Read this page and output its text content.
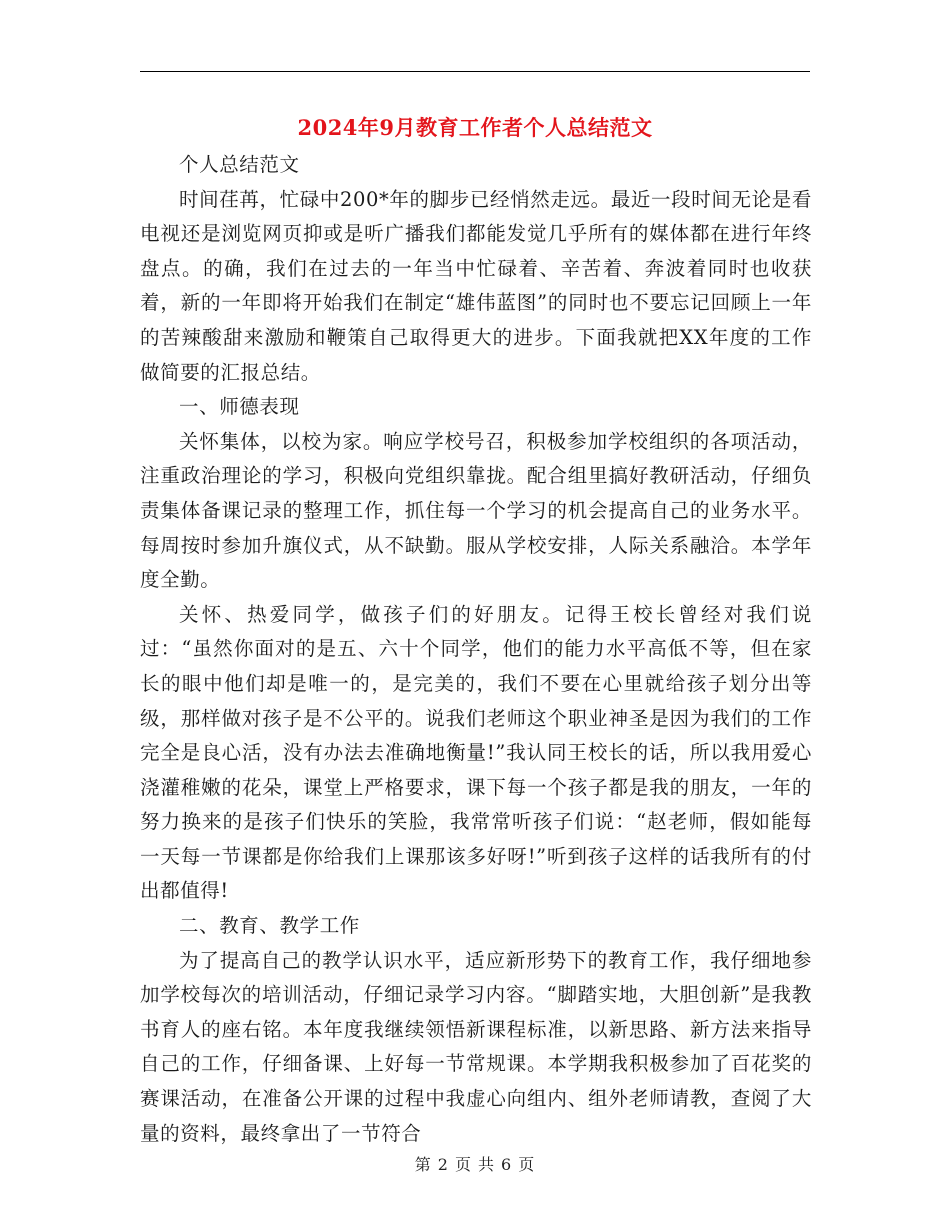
2024年9月教育工作者个人总结范文

个人总结范文

时间荏苒，忙碌中200*年的脚步已经悄然走远。最近一段时间无论是看电视还是浏览网页抑或是听广播我们都能发觉几乎所有的媒体都在进行年终盘点。的确，我们在过去的一年当中忙碌着、辛苦着、奔波着同时也收获着，新的一年即将开始我们在制定“雄伟蓝图”的同时也不要忘记回顾上一年的苦辣酸甜来激励和鞭策自己取得更大的进步。下面我就把XX年度的工作做简要的汇报总结。

一、师德表现

关怀集体，以校为家。响应学校号召，积极参加学校组织的各项活动，注重政治理论的学习，积极向党组织靠拢。配合组里搞好教研活动，仔细负责集体备课记录的整理工作，抓住每一个学习的机会提高自己的业务水平。每周按时参加升旗仪式，从不缺勤。服从学校安排，人际关系融洽。本学年度全勤。

关怀、热爱同学，做孩子们的好朋友。记得王校长曾经对我们说过：“虽然你面对的是五、六十个同学，他们的能力水平高低不等，但在家长的眼中他们却是唯一的，是完美的，我们不要在心里就给孩子划分出等级，那样做对孩子是不公平的。说我们老师这个职业神圣是因为我们的工作完全是良心活，没有办法去准确地衡量!”我认同王校长的话，所以我用爱心浇灌稚嫩的花朵，课堂上严格要求，课下每一个孩子都是我的朋友，一年的努力换来的是孩子们快乐的笑脸，我常常听孩子们说：“赵老师，假如能每一天每一节课都是你给我们上课那该多好呀!”听到孩子这样的话我所有的付出都值得!

二、教育、教学工作

为了提高自己的教学认识水平，适应新形势下的教育工作，我仔细地参加学校每次的培训活动，仔细记录学习内容。“脚踏实地，大胆创新”是我教书育人的座右铭。本年度我继续领悟新课程标准，以新思路、新方法来指导自己的工作，仔细备课、上好每一节常规课。本学期我积极参加了百花奖的赛课活动，在准备公开课的过程中我虚心向组内、组外老师请教，查阅了大量的资料，最终拿出了一节符合

第 2 页 共 6 页
